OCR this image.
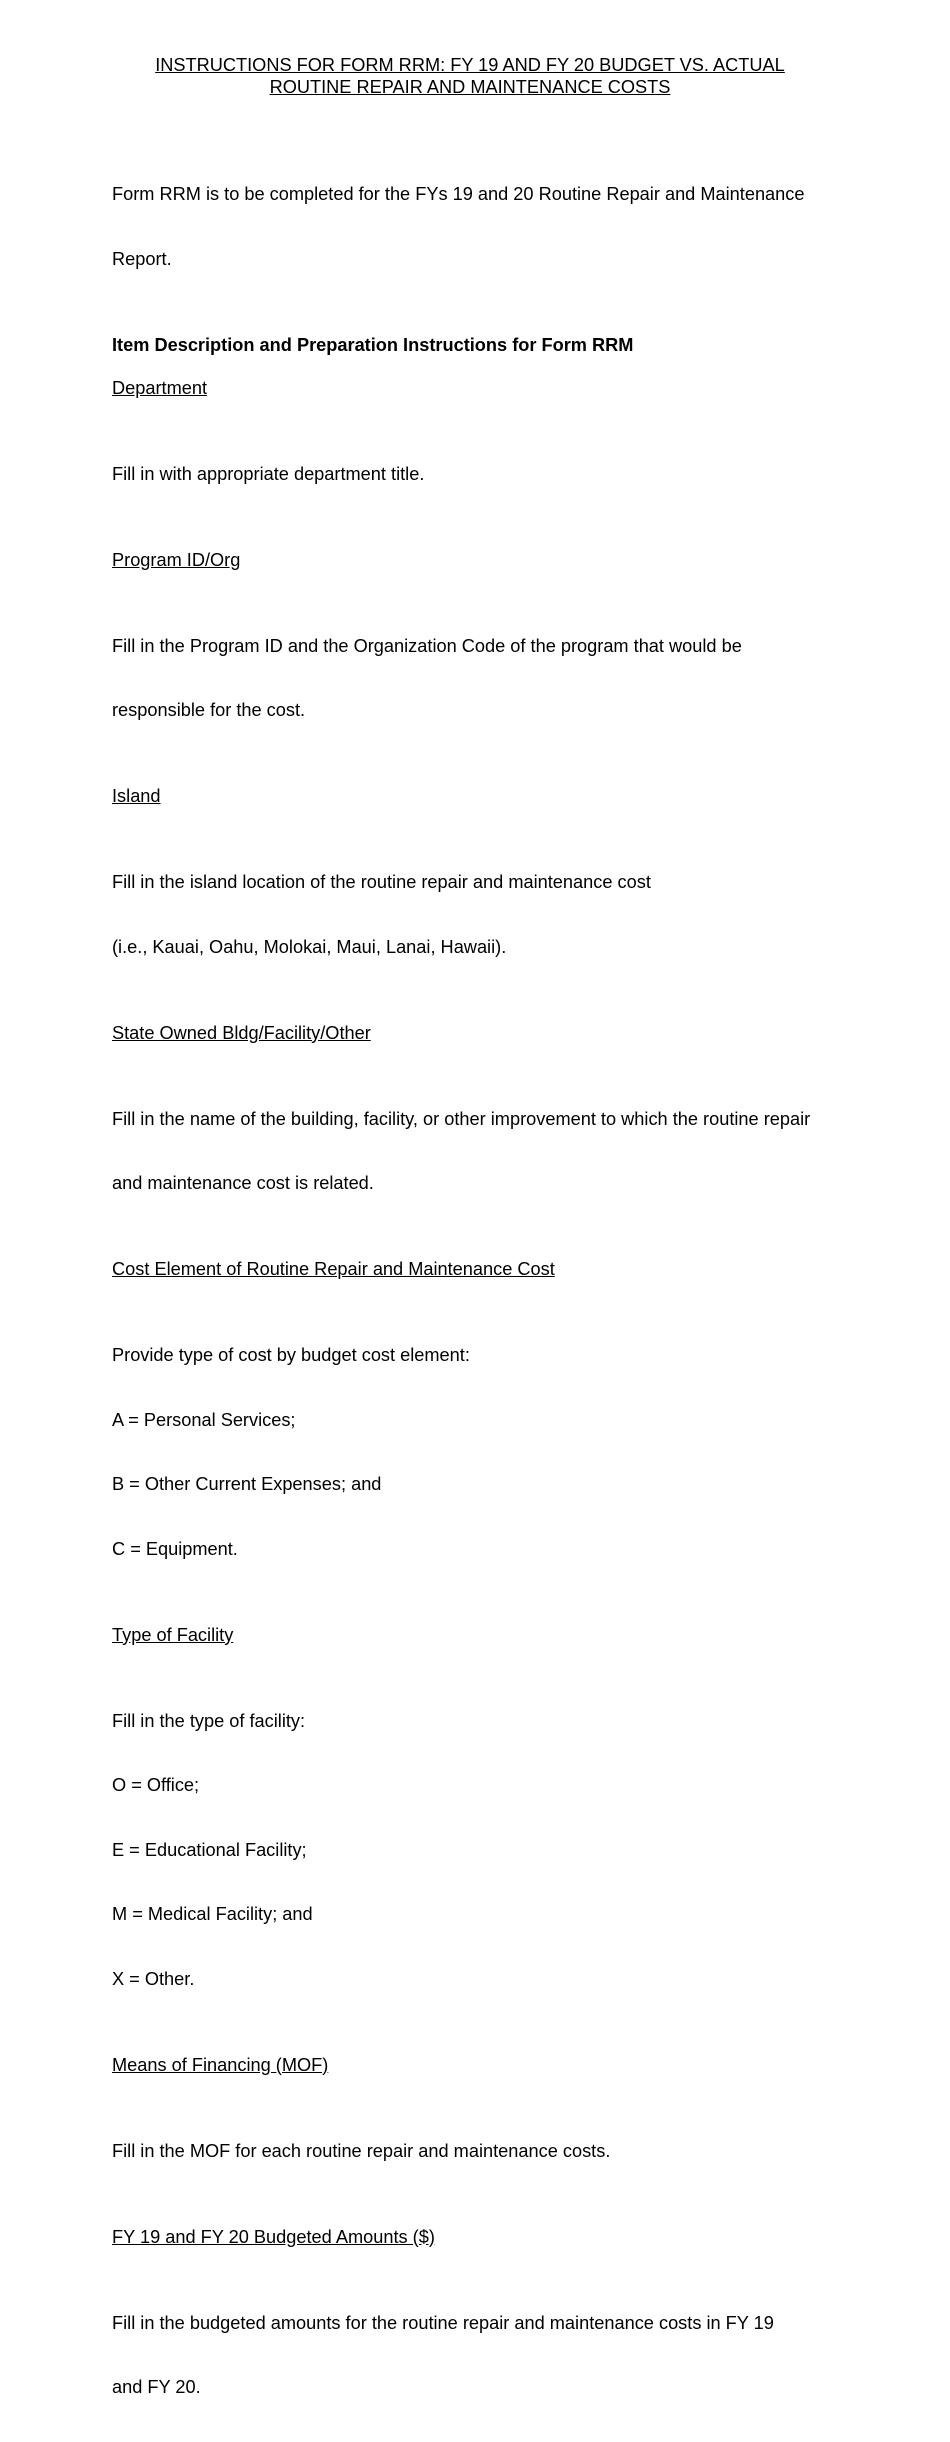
INSTRUCTIONS FOR FORM RRM: FY 19 AND FY 20 BUDGET VS. ACTUAL
ROUTINE REPAIR AND MAINTENANCE COSTS

Form RRM is to be completed for the FYs 19 and 20 Routine Repair and Maintenance

Report.

Item Description and Preparation Instructions for Form RRM
Department

Fill in with appropriate department title.

Program ID/Org

Fill in the Program ID and the Organization Code of the program that would be

responsible for the cost.

Island

Fill in the island location of the routine repair and maintenance cost

(i.e., Kauai, Oahu, Molokai, Maui, Lanai, Hawaii).

State Owned Bldg/Facility/Other

Fill in the name of the building, facility, or other improvement to which the routine repair

and maintenance cost is related.

Cost Element of Routine Repair and Maintenance Cost

Provide type of cost by budget cost element:

A = Personal Services;

B = Other Current Expenses; and

C = Equipment.

Type of Facility

Fill in the type of facility:

O = Office;

E = Educational Facility;

M = Medical Facility; and

X = Other.

Means of Financing (MOF)

Fill in the MOF for each routine repair and maintenance costs.

FY 19 and FY 20 Budgeted Amounts ($)

Fill in the budgeted amounts for the routine repair and maintenance costs in FY 19

and FY 20.
